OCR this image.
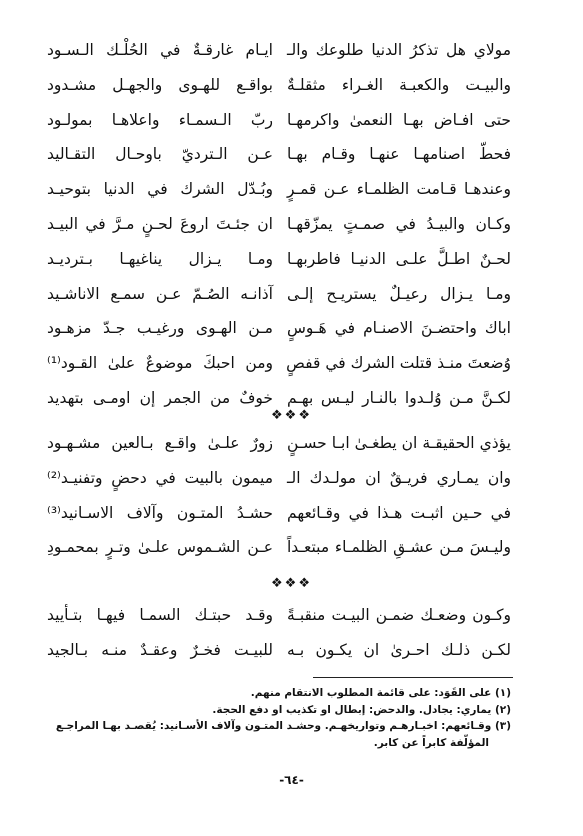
مولاي هل تذكرُ الدنيا طلوعك والـ
ايـام غارقـةٌ في الحُلْـك الـسـود
والبيـت والكعبـة الغـراء مثقلـةٌ
بواقـع للهـوى والجهـل مشـدود
حتى افـاض بهـا النعمىٰ واكرمهـا
ربّ الـسمـاء واعلاهـا بمولـود
فحطّ اصنامهـا عنهـا وقـام بهـا
عـن الـترديّ باوحـال التقـاليد
وعندهـا قـامت الظلمـاء عـن قمـرٍ
وبُـدّل الشرك في الدنيا بتوحيـد
وكـان والبيـدُ في صمـتٍ يمزّقهـا
ان جئـتَ اروعَ لحـنٍ مـرَّ في البيـد
لحـنٌ اطـلَّ علـى الدنيـا فاطربهـا
ومـا يـزال يناغيهـا بـترديـد
ومـا يـزال رعيـلٌ يستريـح إلـى
آذانـه الصُـمّ عـن سمـع الاناشـيد
اباك واحتضـنَ الاصنـام في هَـوسٍ
مـن الهـوى ورغيـب جـدّ مزهـود
وُضعتَ منـذ قتلت الشرك في قفصٍ
ومن احبكَ موضوعٌ علىٰ القـود⁽¹⁾
لكـنَّ مـن وُلـدوا بالنـار ليـس بهـم
خوفٌ من الجمر إن اومـى بتهديد
❖❖❖
يؤذي الحقيقـة ان يطغـىٰ ابـا حسـنٍ
زورٌ علـىٰ واقـع بـالعين مشـهـود
وان يمـاري فريـقٌ ان مولـدك الـ
ميمون بالبيت في دحضٍ وتفنيـد⁽²⁾
في حـين اثبـت هـذا في وقـائعهم
حشـدُ المتـون وآلاف الاسـانيد⁽³⁾
وليـسَ مـن عشـقِ الظلمـاء مبتعـداً
عـن الشـموس علـىٰ وتـرٍ بمحمـودِ
❖❖❖
وكـون وضعـك ضمـن البيـت منقبـةً
وقـد حبتـك السمـا فيهـا بتـأييد
لكـن ذلـك احـرىٰ ان يكـون بـه
للبيـت فخـرٌ وعقـدٌ منـه بـالجيد
(١) على القَوَد: على قائمة المطلوب الانتقام منهم.
(٢) يماري: يجادل. والدحض: إبطال او تكذيب او دفع الحجة.
(٣) وقـائعهم: اخبـارهـم وتواريخهـم. وحشـد المتـون وآلاف الأسـانيد: يُقصـد بهـا المراجـع
المؤلّفة كابراً عن كابر.
-٦٤-
